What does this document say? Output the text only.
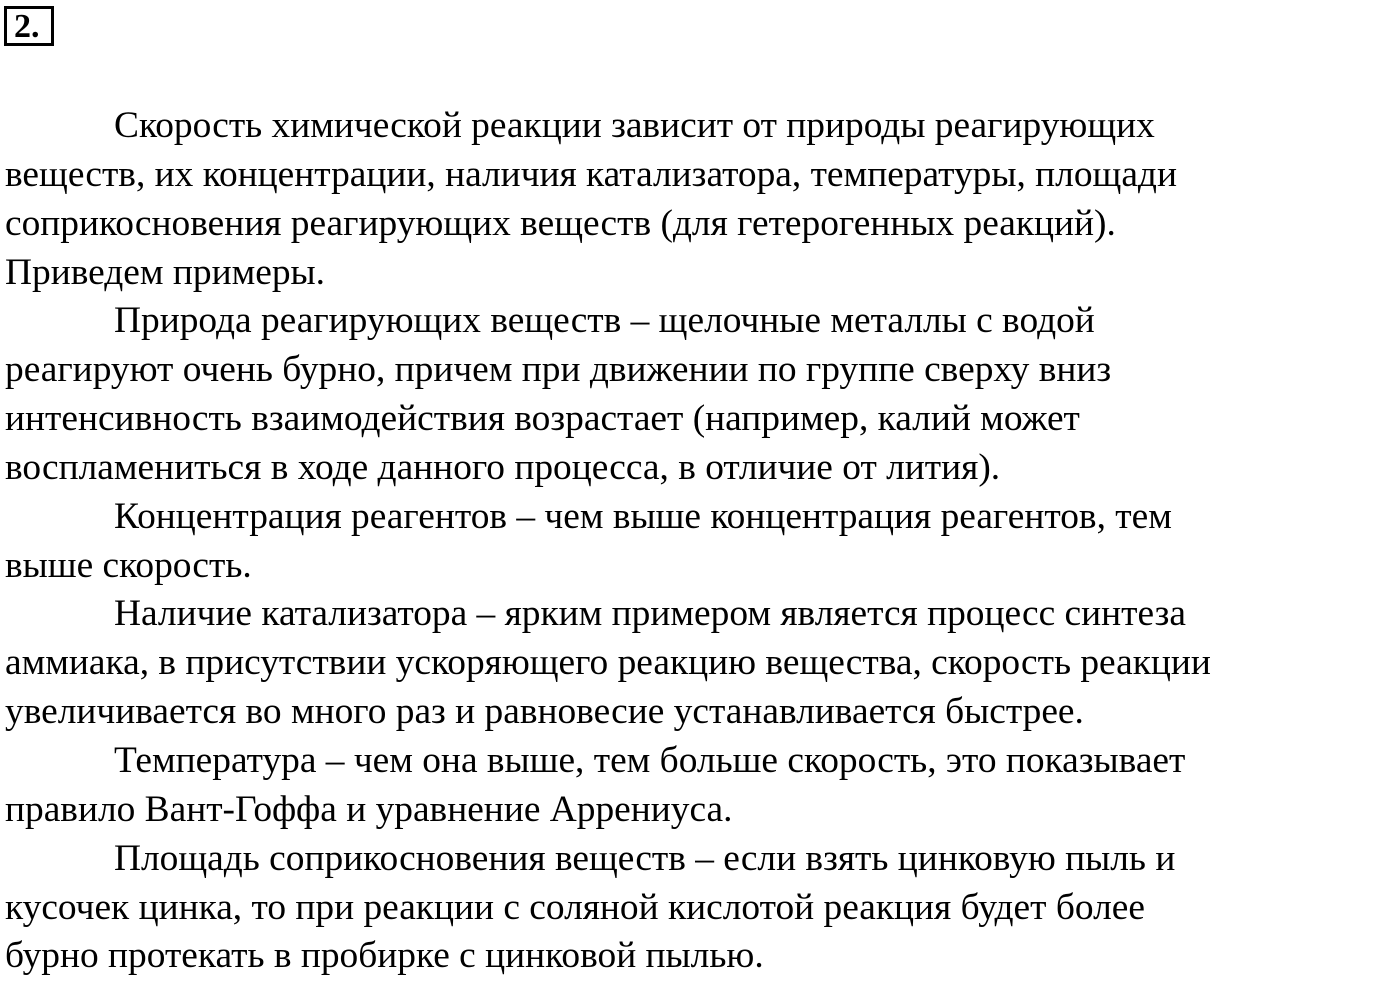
2.
Скорость химической реакции зависит от природы реагирующих
веществ, их концентрации, наличия катализатора, температуры, площади
соприкосновения реагирующих веществ (для гетерогенных реакций).
Приведем примеры.
Природа реагирующих веществ – щелочные металлы с водой
реагируют очень бурно, причем при движении по группе сверху вниз
интенсивность взаимодействия возрастает (например, калий может
воспламениться в ходе данного процесса, в отличие от лития).
Концентрация реагентов – чем выше концентрация реагентов, тем
выше скорость.
Наличие катализатора – ярким примером является процесс синтеза
аммиака, в присутствии ускоряющего реакцию вещества, скорость реакции
увеличивается во много раз и равновесие устанавливается быстрее.
Температура – чем она выше, тем больше скорость, это показывает
правило Вант-Гоффа и уравнение Аррениуса.
Площадь соприкосновения веществ – если взять цинковую пыль и
кусочек цинка, то при реакции с соляной кислотой реакция будет более
бурно протекать в пробирке с цинковой пылью.
